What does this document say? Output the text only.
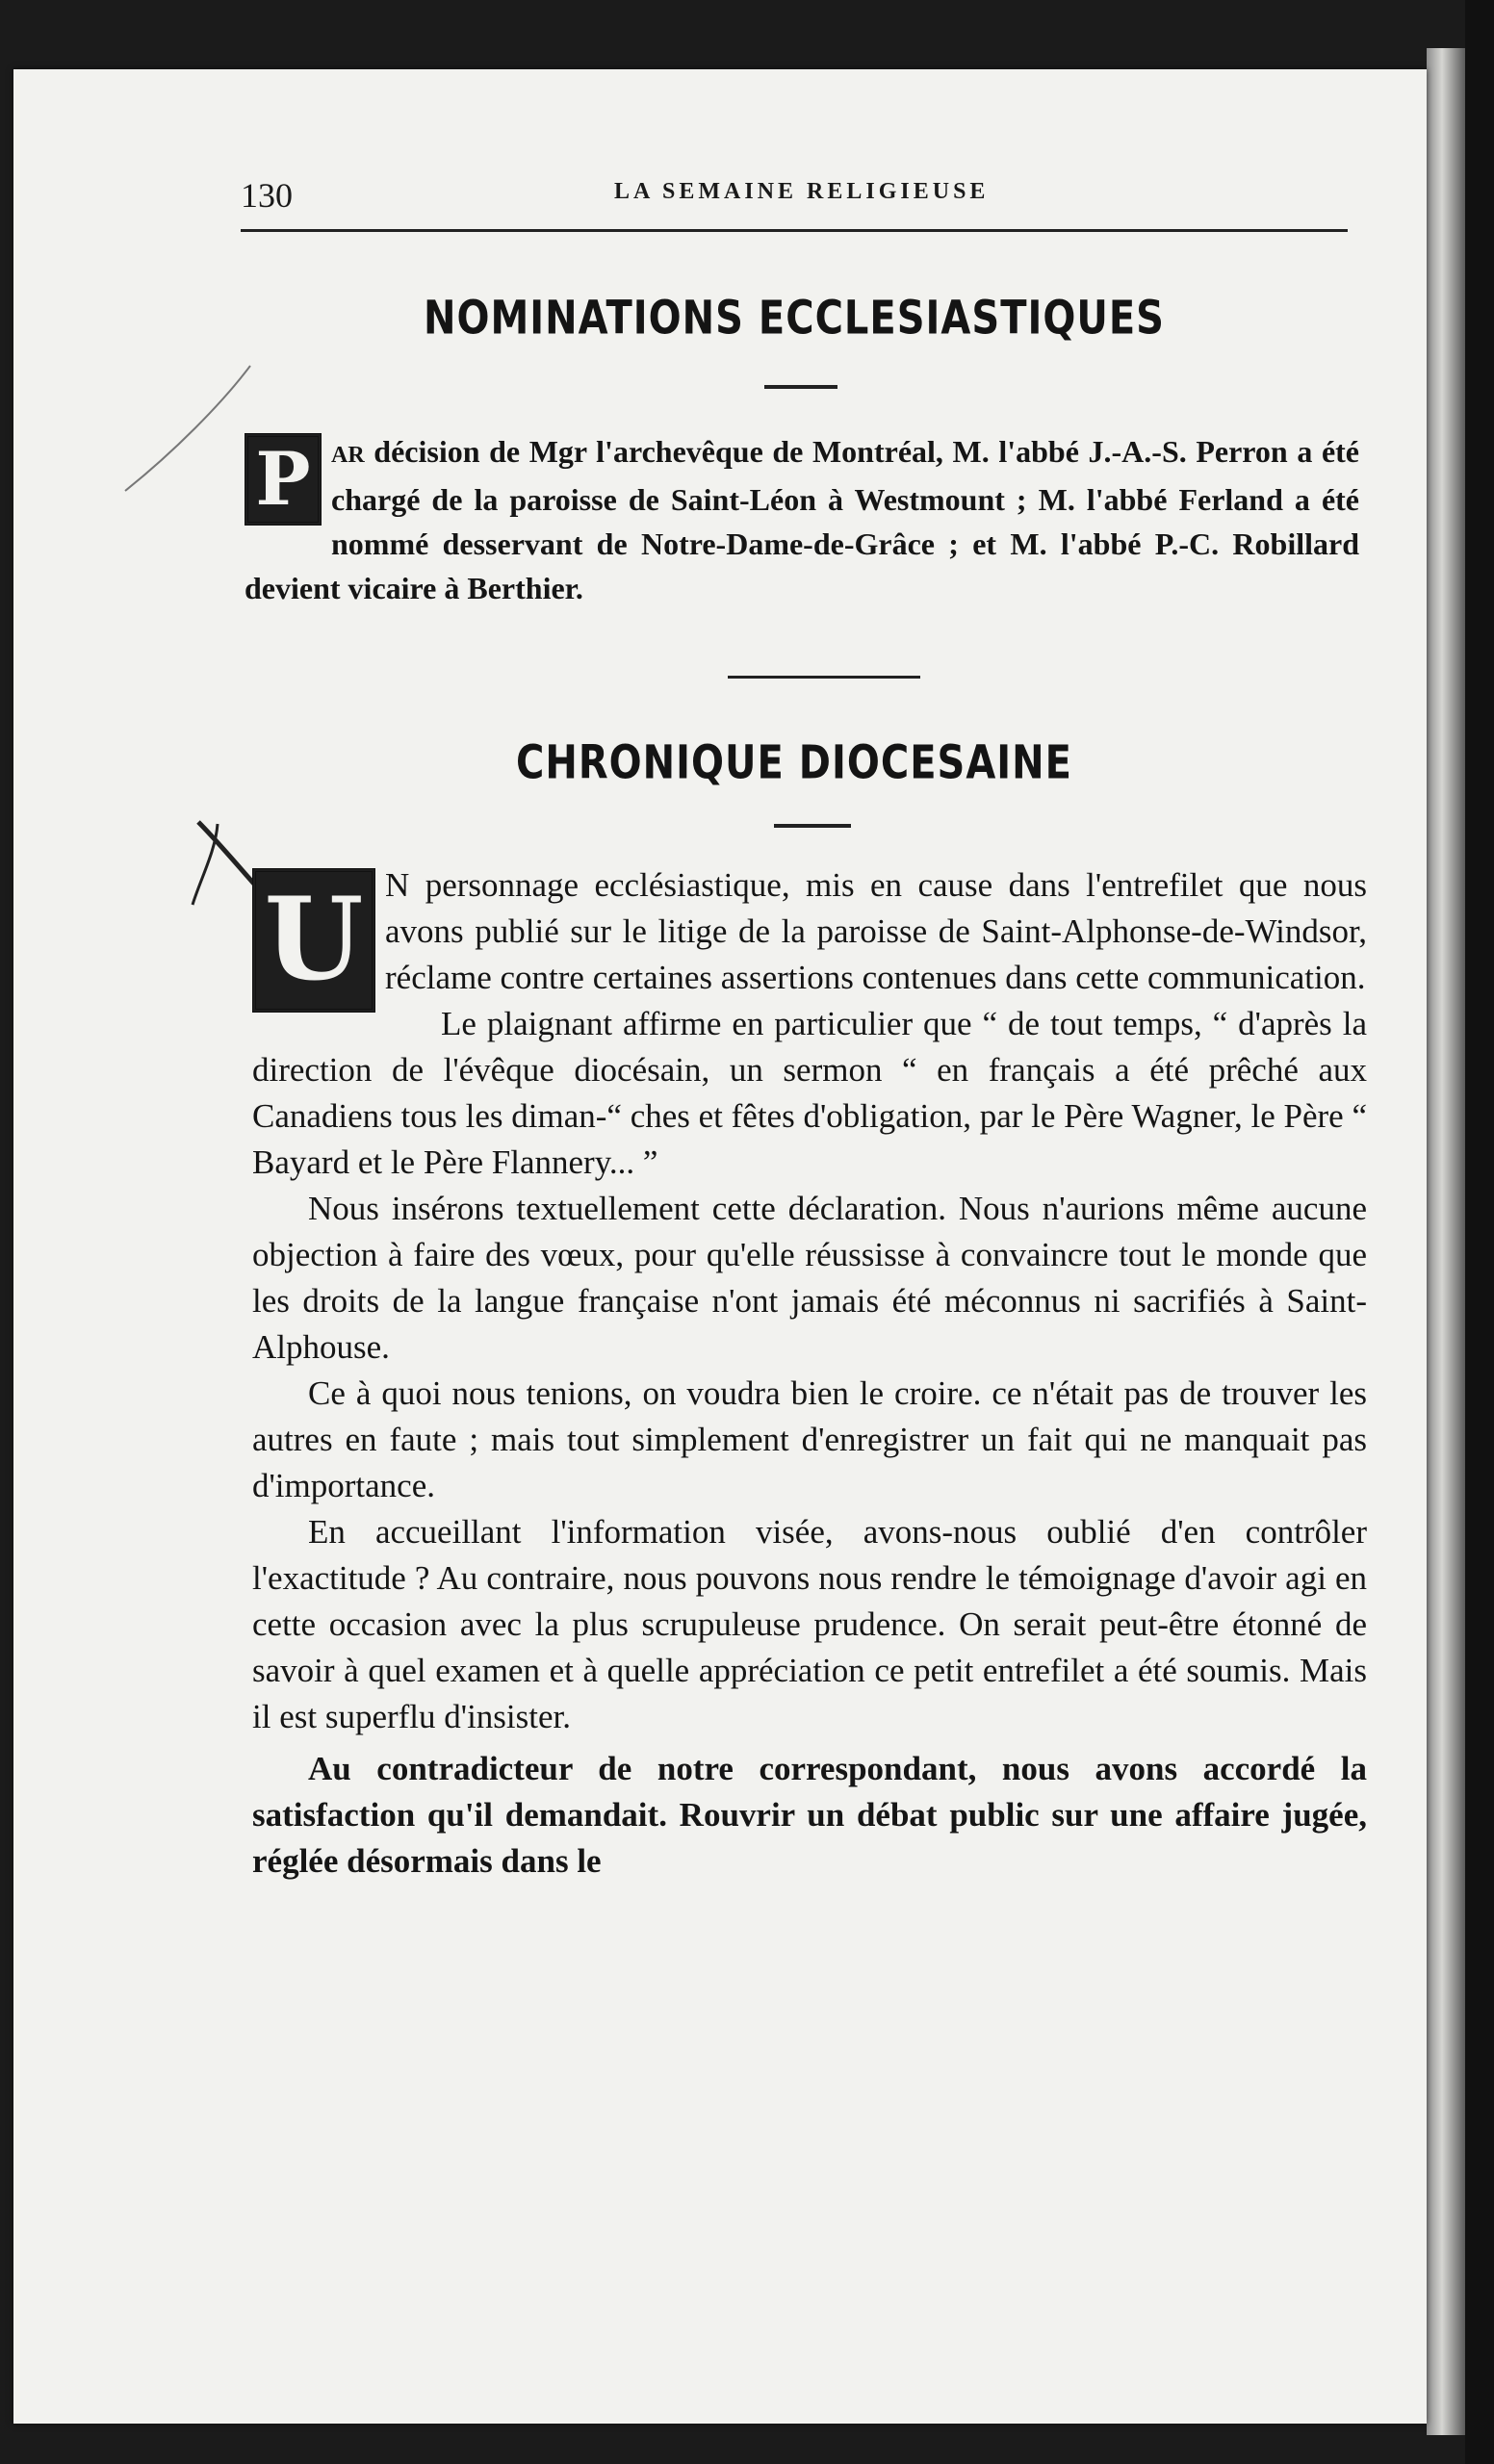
130	LA SEMAINE RELIGIEUSE
NOMINATIONS ECCLESIASTIQUES

P AR décision de Mgr l'archevêque de Montréal, M. l'abbé J.-A.-S. Perron a été chargé de la paroisse de Saint-Léon à Westmount ; M. l'abbé Ferland a été nommé desservant de Notre-Dame-de-Grâce ; et M. l'abbé P.-C. Robillard devient vicaire à Berthier.

CHRONIQUE DIOCESAINE

U N personnage ecclésiastique, mis en cause dans l'entrefilet que nous avons publié sur le litige de la paroisse de Saint-Alphonse-de-Windsor, réclame contre certaines assertions contenues dans cette communication.

Le plaignant affirme en particulier que “ de tout temps, “ d'après la direction de l'évêque diocésain, un sermon “ en français a été prêché aux Canadiens tous les diman-“ ches et fêtes d'obligation, par le Père Wagner, le Père “ Bayard et le Père Flannery... ”

Nous insérons textuellement cette déclaration. Nous n'aurions même aucune objection à faire des vœux, pour qu'elle réussisse à convaincre tout le monde que les droits de la langue française n'ont jamais été méconnus ni sacrifiés à Saint-Alphouse.

Ce à quoi nous tenions, on voudra bien le croire. ce n'était pas de trouver les autres en faute ; mais tout simplement d'enregistrer un fait qui ne manquait pas d'importance.

En accueillant l'information visée, avons-nous oublié d'en contrôler l'exactitude ? Au contraire, nous pouvons nous rendre le témoignage d'avoir agi en cette occasion avec la plus scrupuleuse prudence. On serait peut-être étonné de savoir à quel examen et à quelle appréciation ce petit entrefilet a été soumis. Mais il est superflu d'insister.

Au contradicteur de notre correspondant, nous avons accordé la satisfaction qu'il demandait. Rouvrir un débat public sur une affaire jugée, réglée désormais dans le
